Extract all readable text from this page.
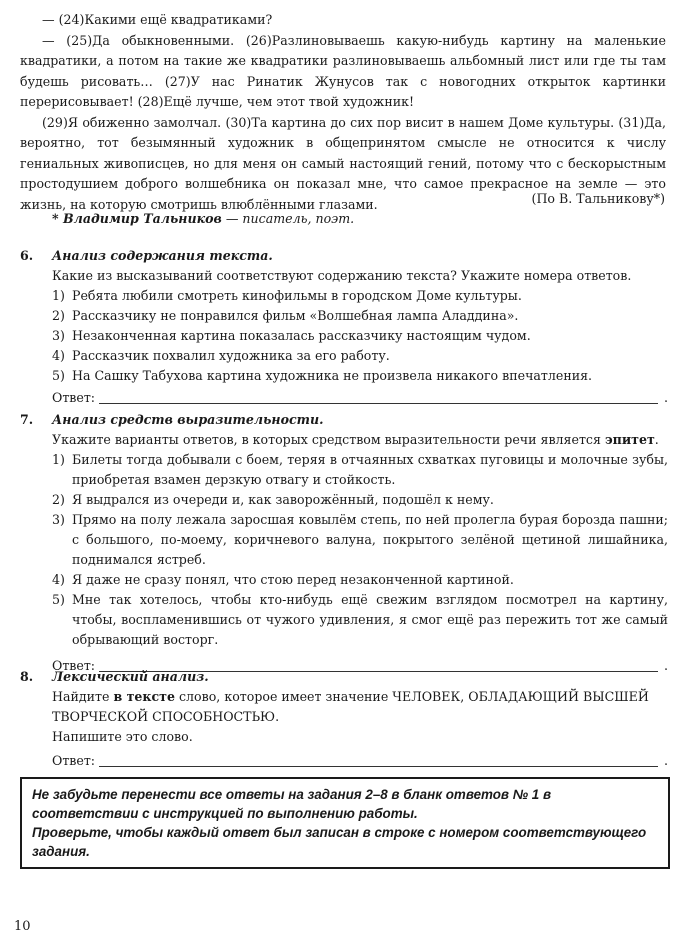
— (24)Какими ещё квадратиками?

— (25)Да обыкновенными. (26)Разлиновываешь какую-нибудь картину на маленькие квадратики, а потом на такие же квадратики разлиновываешь альбомный лист или где ты там будешь рисовать… (27)У нас Ринатик Жунусов так с новогодних открыток картинки перерисовывает! (28)Ещё лучше, чем этот твой художник!

(29)Я обиженно замолчал. (30)Та картина до сих пор висит в нашем Доме культуры. (31)Да, вероятно, тот безымянный художник в общепринятом смысле не относится к числу гениальных живописцев, но для меня он самый настоящий гений, потому что с бескорыстным простодушием доброго волшебника он показал мне, что самое прекрасное на земле — это жизнь, на которую смотришь влюблёнными глазами.	(По В. Тальникову*)
* Владимир Тальников — писатель, поэт.
6. Анализ содержания текста.

Какие из высказываний соответствуют содержанию текста? Укажите номера ответов.

1) Ребята любили смотреть кинофильмы в городском Доме культуры.
2) Рассказчику не понравился фильм «Волшебная лампа Аладдина».
3) Незаконченная картина показалась рассказчику настоящим чудом.
4) Рассказчик похвалил художника за его работу.
5) На Сашку Табухова картина художника не произвела никакого впечатления.
Ответ:	.
7. Анализ средств выразительности.

Укажите варианты ответов, в которых средством выразительности речи является эпитет.

1) Билеты тогда добывали с боем, теряя в отчаянных схватках пуговицы и молочные зубы, приобретая взамен дерзкую отвагу и стойкость.
2) Я выдрался из очереди и, как заворожённый, подошёл к нему.
3) Прямо на полу лежала заросшая ковылём степь, по ней пролегла бурая борозда пашни; с большого, по-моему, коричневого валуна, покрытого зелёной щетиной лишайника, поднимался ястреб.
4) Я даже не сразу понял, что стою перед незаконченной картиной.
5) Мне так хотелось, чтобы кто-нибудь ещё свежим взглядом посмотрел на картину, чтобы, воспламенившись от чужого удивления, я смог ещё раз пережить тот же самый обрывающий восторг.
Ответ:	.
8. Лексический анализ.

Найдите в тексте слово, которое имеет значение ЧЕЛОВЕК, ОБЛАДАЮЩИЙ ВЫСШЕЙ ТВОРЧЕСКОЙ СПОСОБНОСТЬЮ.

Напишите это слово.

Ответ:	.

Не забудьте перенести все ответы на задания 2–8 в бланк ответов № 1 в соответствии с инструкцией по выполнению работы.

Проверьте, чтобы каждый ответ был записан в строке с номером соответствующего задания.

10
